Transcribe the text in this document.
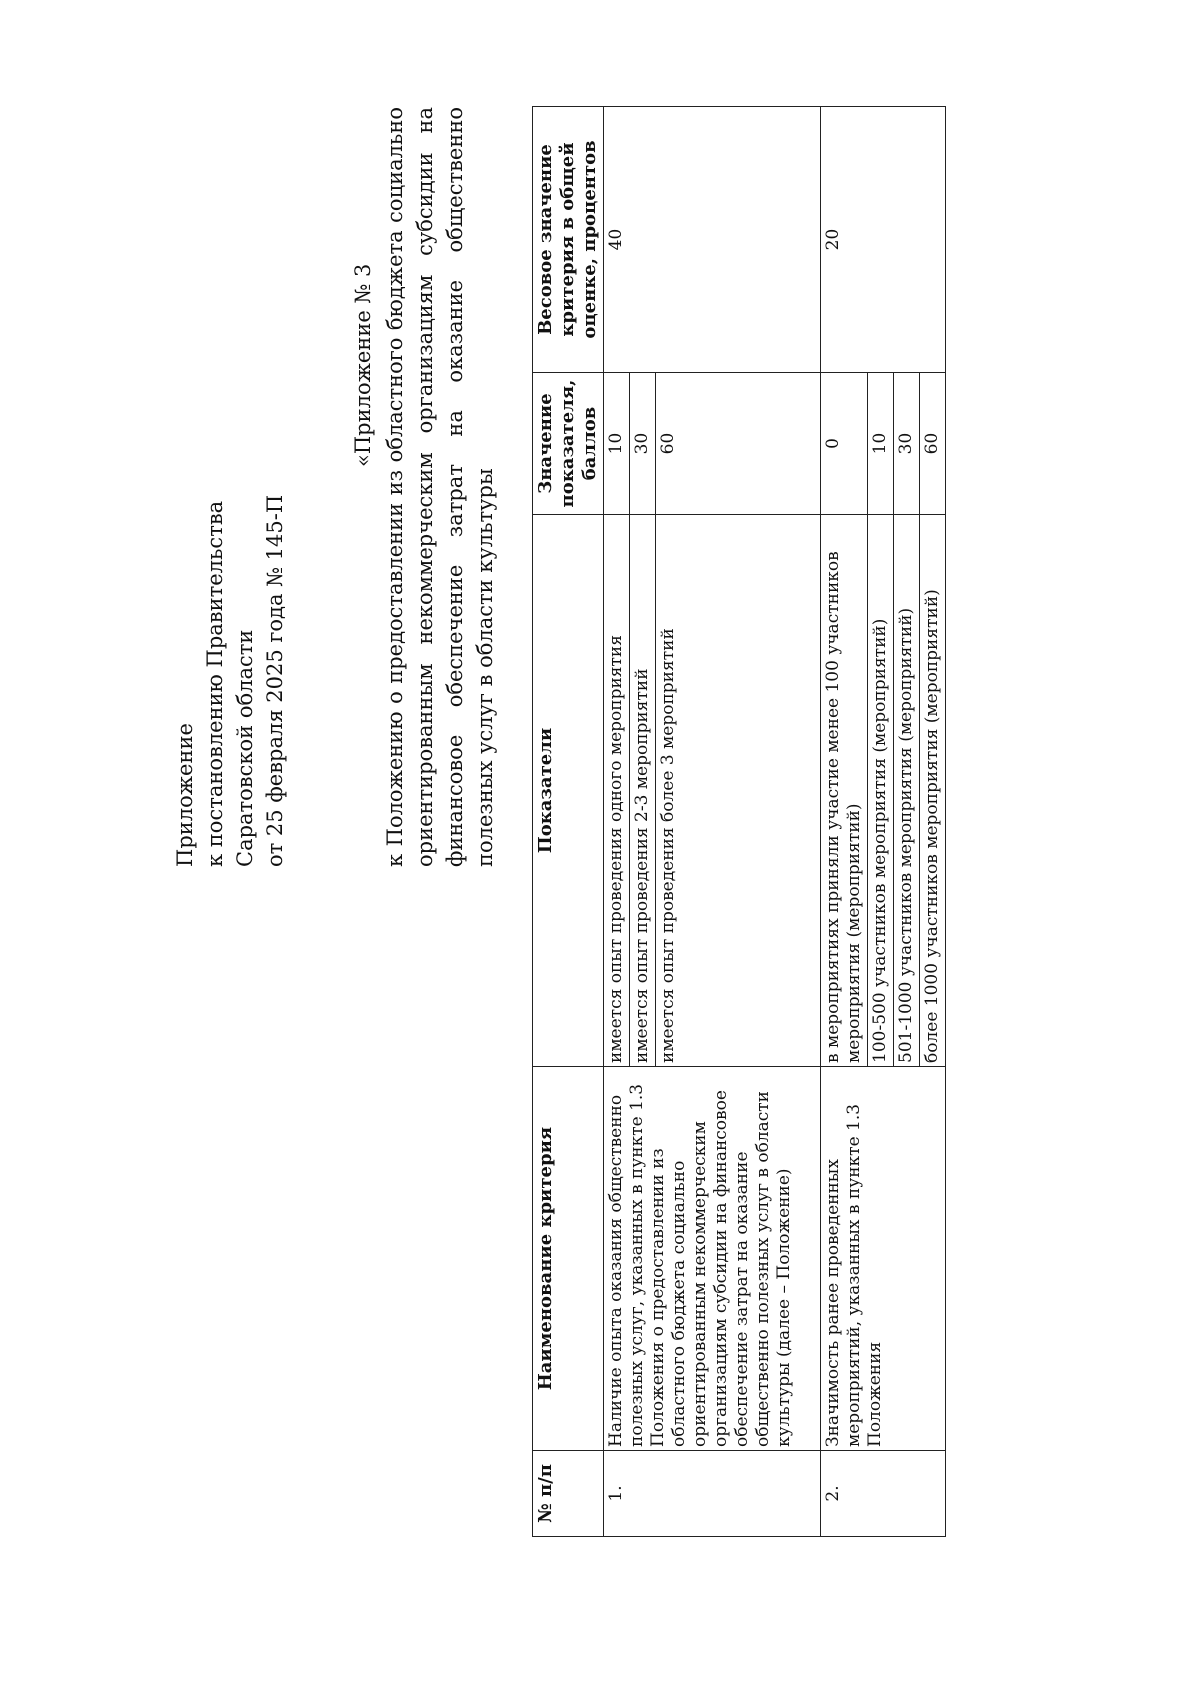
Приложение к постановлению Правительства Саратовской области от 25 февраля 2025 года № 145-П
«Приложение № 3 к Положению о предоставлении из областного бюджета социально ориентированным некоммерческим организациям субсидии на финансовое обеспечение затрат на оказание общественно полезных услуг в области культуры
№ п/п	Наименование критерия	Показатели	Значение показателя, баллов	Весовое значение критерия в общей оценке, процентов
1.	Наличие опыта оказания общественно полезных услуг, указанных в пункте 1.3 Положения о предоставлении из областного бюджета социально ориентированным некоммерческим организациям субсидии на финансовое обеспечение затрат на оказание общественно полезных услуг в области культуры (далее – Положение)	имеется опыт проведения одного мероприятия	10	40
		имеется опыт проведения 2-3 мероприятий	30	
		имеется опыт проведения более 3 мероприятий	60	
2.	Значимость ранее проведенных мероприятий, указанных в пункте 1.3 Положения	в мероприятиях приняли участие менее 100 участников мероприятия (мероприятий)	0	20
		100-500 участников мероприятия (мероприятий)	10	
		501-1000 участников мероприятия (мероприятий)	30	
		более 1000 участников мероприятия (мероприятий)	60	
